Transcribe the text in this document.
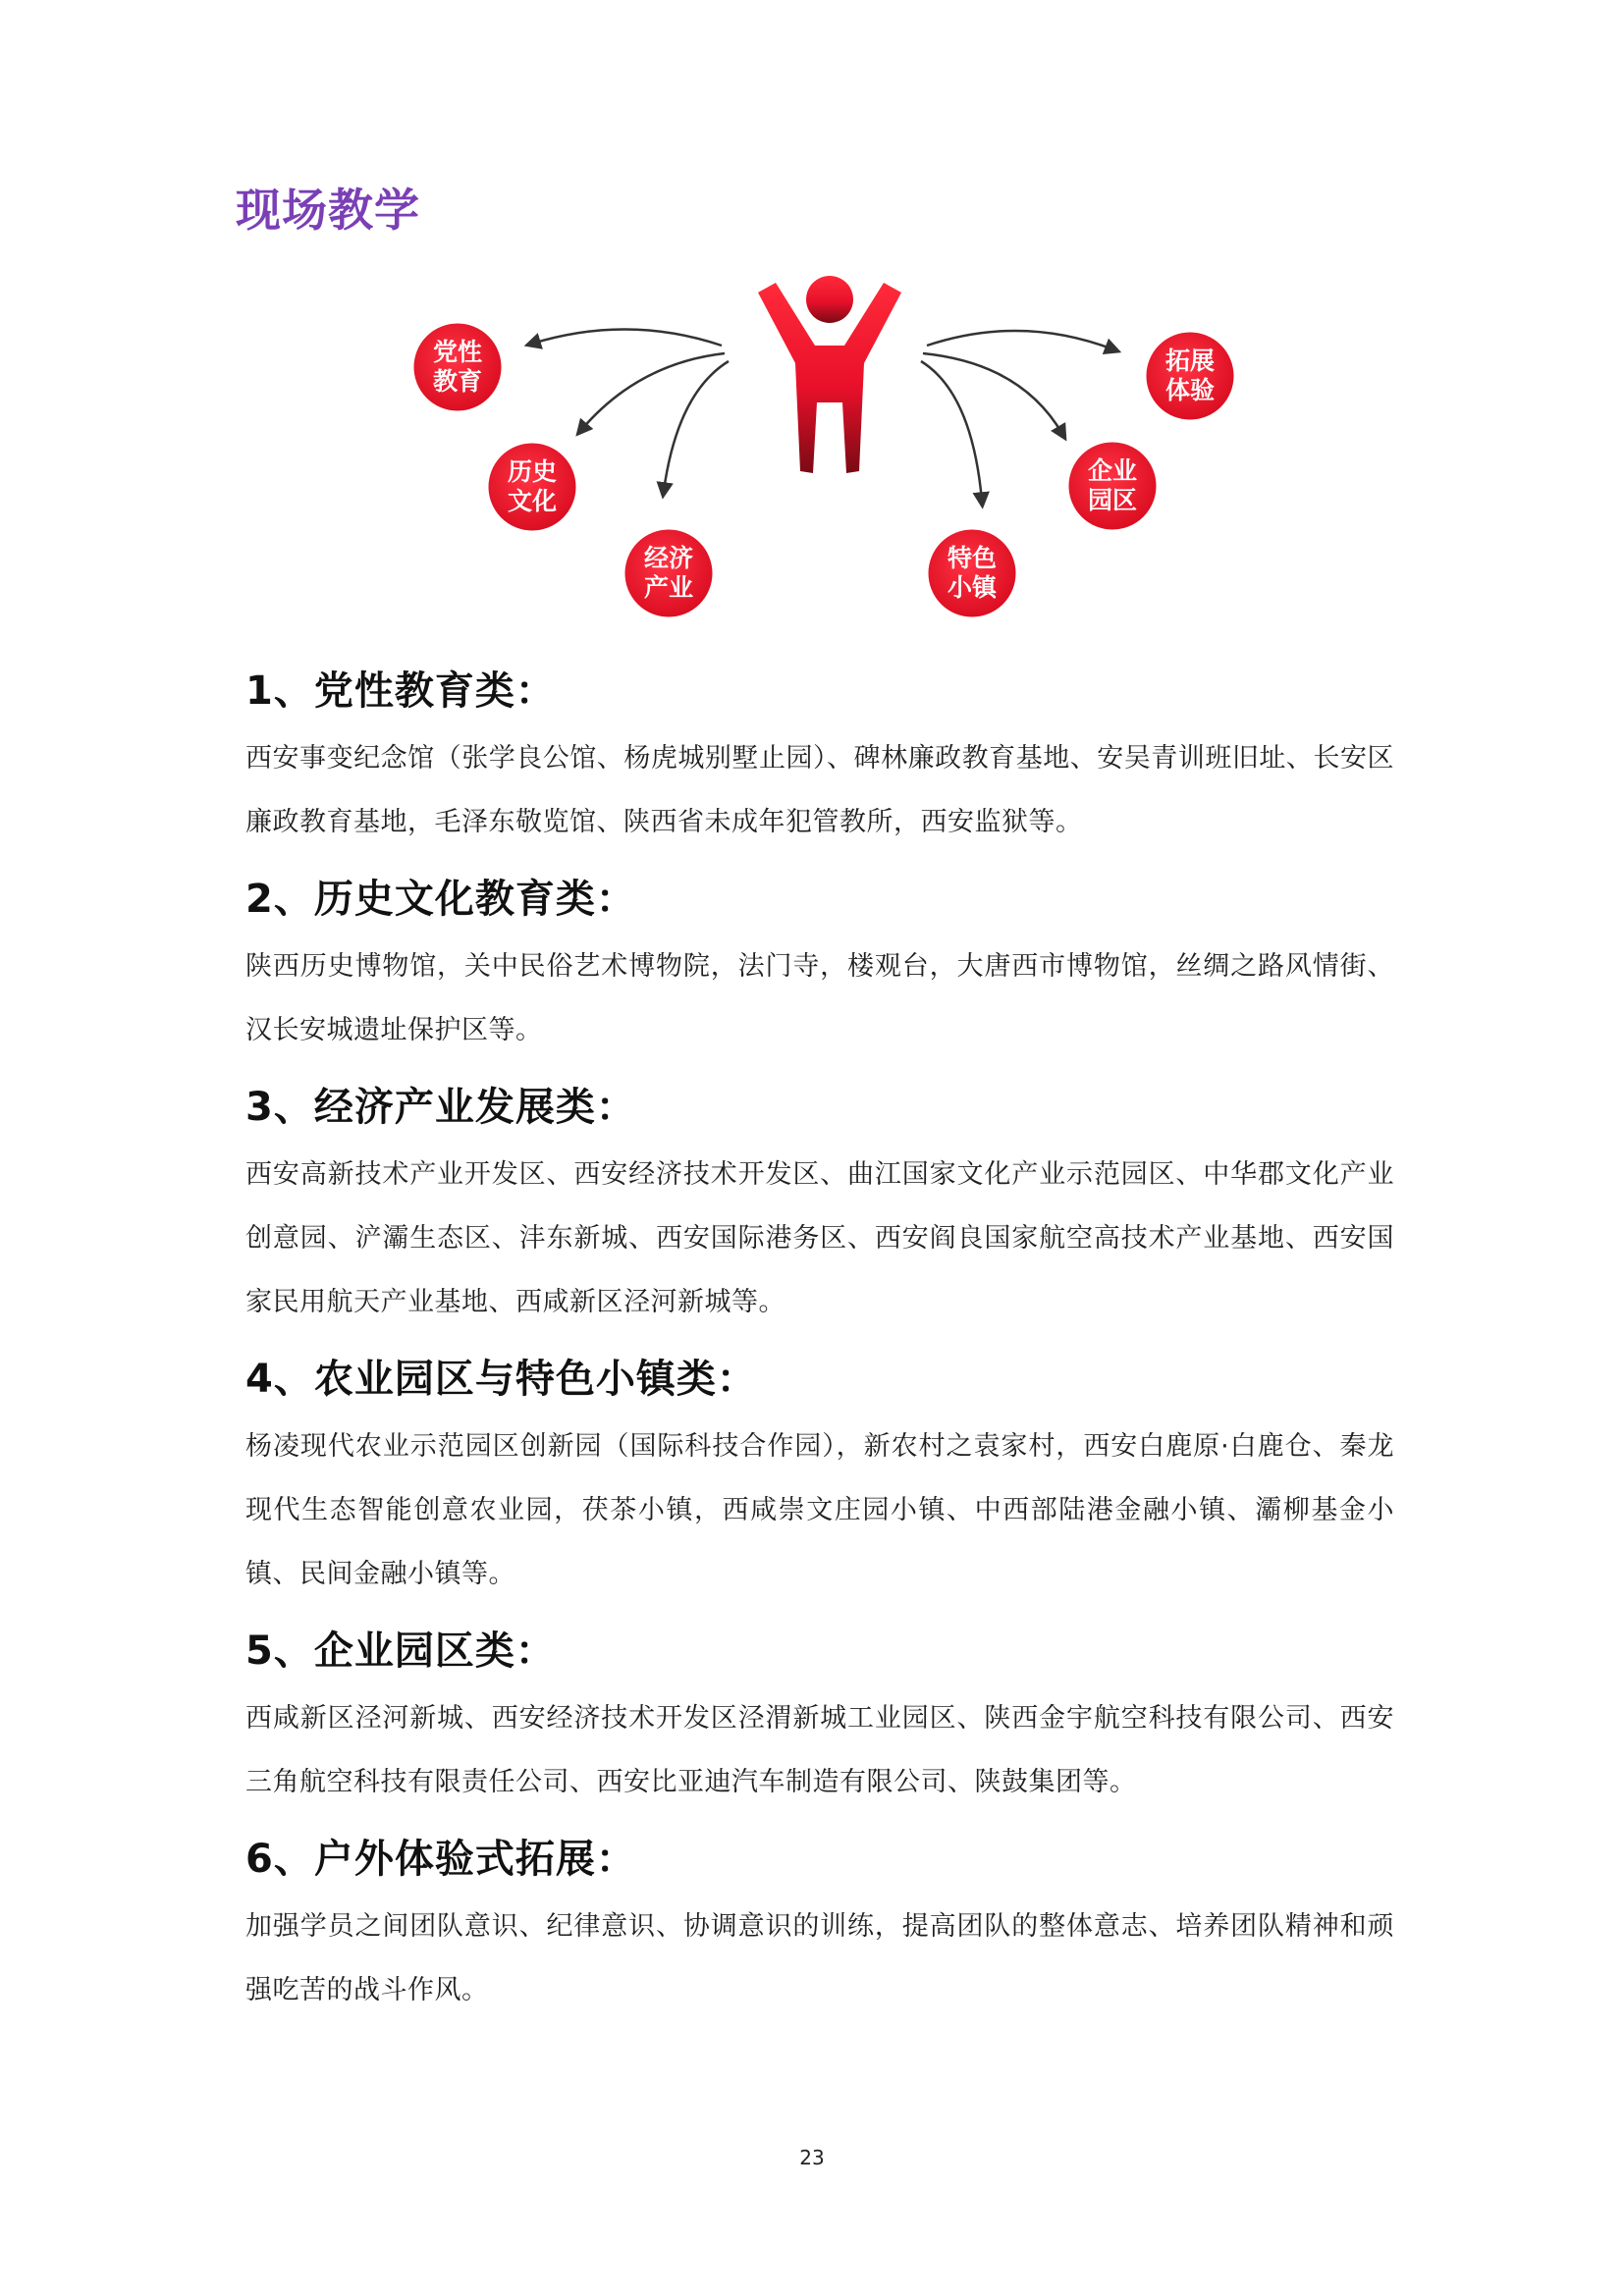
现场教学
党性
教育
历史
文化
经济
产业
特色
小镇
企业
园区
拓展
体验
1、党性教育类：

西安事变纪念馆（张学良公馆、杨虎城别墅止园）、碑林廉政教育基地、安吴青训班旧址、长安区廉政教育基地，毛泽东敬览馆、陕西省未成年犯管教所，西安监狱等。

2、历史文化教育类：

陕西历史博物馆，关中民俗艺术博物院，法门寺，楼观台，大唐西市博物馆，丝绸之路风情街、汉长安城遗址保护区等。

3、经济产业发展类：

西安高新技术产业开发区、西安经济技术开发区、曲江国家文化产业示范园区、中华郡文化产业创意园、浐灞生态区、沣东新城、西安国际港务区、西安阎良国家航空高技术产业基地、西安国家民用航天产业基地、西咸新区泾河新城等。

4、农业园区与特色小镇类：

杨凌现代农业示范园区创新园（国际科技合作园），新农村之袁家村，西安白鹿原·白鹿仓、秦龙现代生态智能创意农业园，茯茶小镇，西咸崇文庄园小镇、中西部陆港金融小镇、灞柳基金小镇、民间金融小镇等。

5、企业园区类：

西咸新区泾河新城、西安经济技术开发区泾渭新城工业园区、陕西金宇航空科技有限公司、西安三角航空科技有限责任公司、西安比亚迪汽车制造有限公司、陕鼓集团等。

6、户外体验式拓展：

加强学员之间团队意识、纪律意识、协调意识的训练，提高团队的整体意志、培养团队精神和顽强吃苦的战斗作风。

23
